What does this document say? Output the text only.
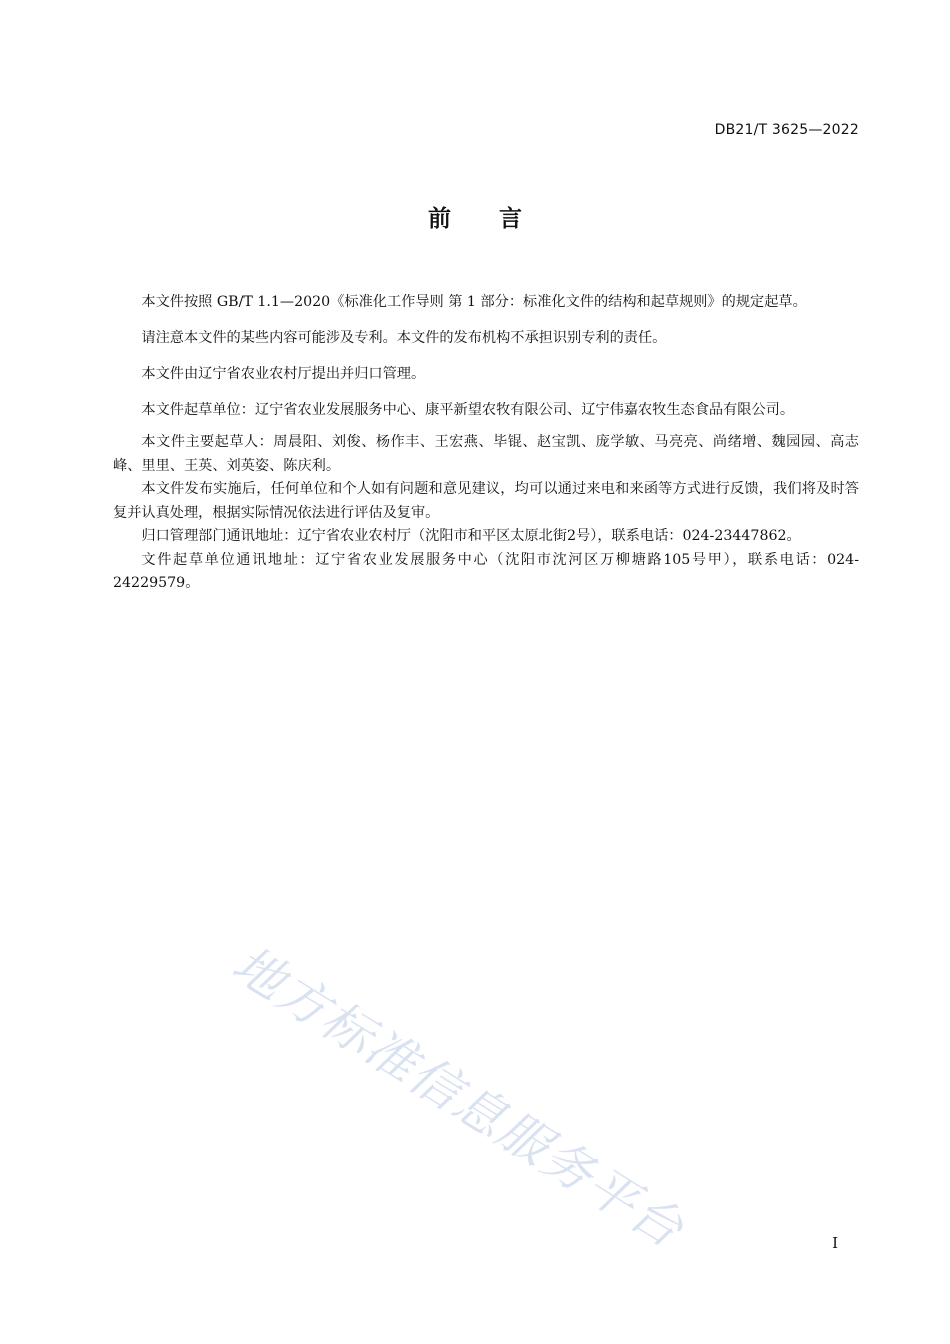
DB21/T 3625—2022
前言

本文件按照 GB/T 1.1—2020《标准化工作导则 第 1 部分：标准化文件的结构和起草规则》的规定起草。

请注意本文件的某些内容可能涉及专利。本文件的发布机构不承担识别专利的责任。

本文件由辽宁省农业农村厅提出并归口管理。

本文件起草单位：辽宁省农业发展服务中心、康平新望农牧有限公司、辽宁伟嘉农牧生态食品有限公司。

本文件主要起草人：周晨阳、刘俊、杨作丰、王宏燕、毕锟、赵宝凯、庞学敏、马亮亮、尚绪增、魏园园、高志峰、里里、王英、刘英姿、陈庆利。

本文件发布实施后，任何单位和个人如有问题和意见建议，均可以通过来电和来函等方式进行反馈，我们将及时答复并认真处理，根据实际情况依法进行评估及复审。

归口管理部门通讯地址：辽宁省农业农村厅（沈阳市和平区太原北街2号），联系电话：024-23447862。

文件起草单位通讯地址：辽宁省农业发展服务中心（沈阳市沈河区万柳塘路105号甲），联系电话：024-24229579。

地方标准信息服务平台	I
